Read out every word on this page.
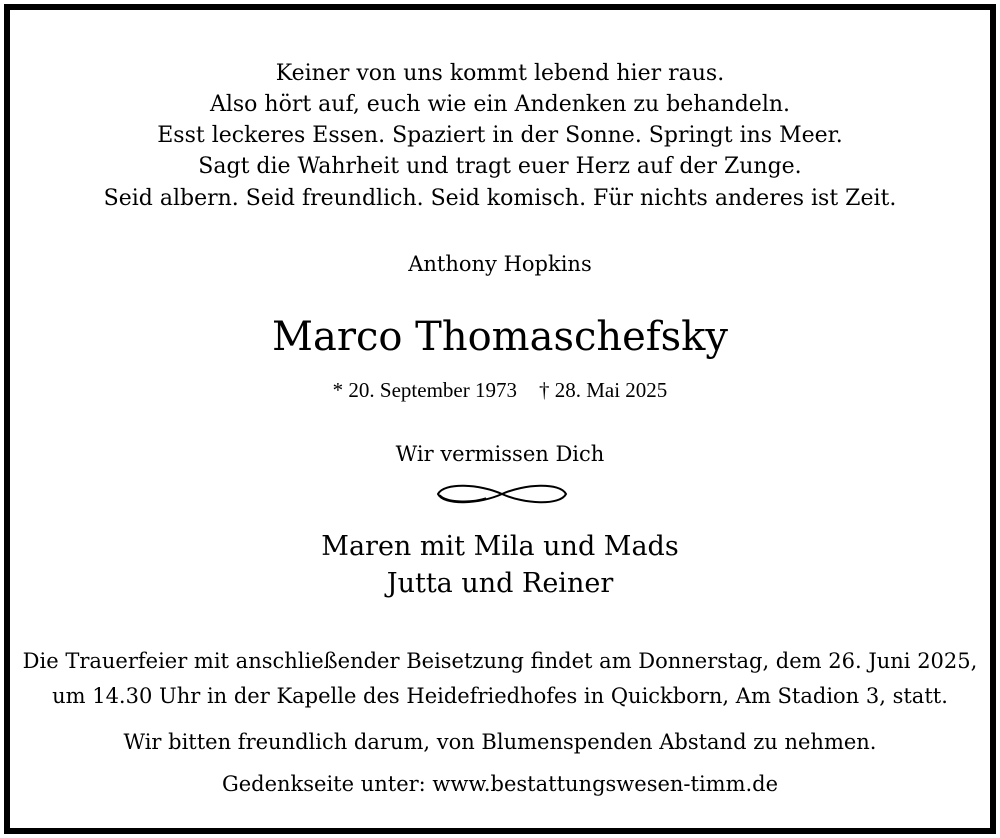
Keiner von uns kommt lebend hier raus.
Also hört auf, euch wie ein Andenken zu behandeln.
Esst leckeres Essen. Spaziert in der Sonne. Springt ins Meer.
Sagt die Wahrheit und tragt euer Herz auf der Zunge.
Seid albern. Seid freundlich. Seid komisch. Für nichts anderes ist Zeit.
Anthony Hopkins
Marco Thomaschefsky
* 20. September 1973 † 28. Mai 2025
Wir vermissen Dich
Maren mit Mila und Mads
Jutta und Reiner
Die Trauerfeier mit anschließender Beisetzung findet am Donnerstag, dem 26. Juni 2025,
um 14.30 Uhr in der Kapelle des Heidefriedhofes in Quickborn, Am Stadion 3, statt.
Wir bitten freundlich darum, von Blumenspenden Abstand zu nehmen.
Gedenkseite unter: www.bestattungswesen-timm.de
